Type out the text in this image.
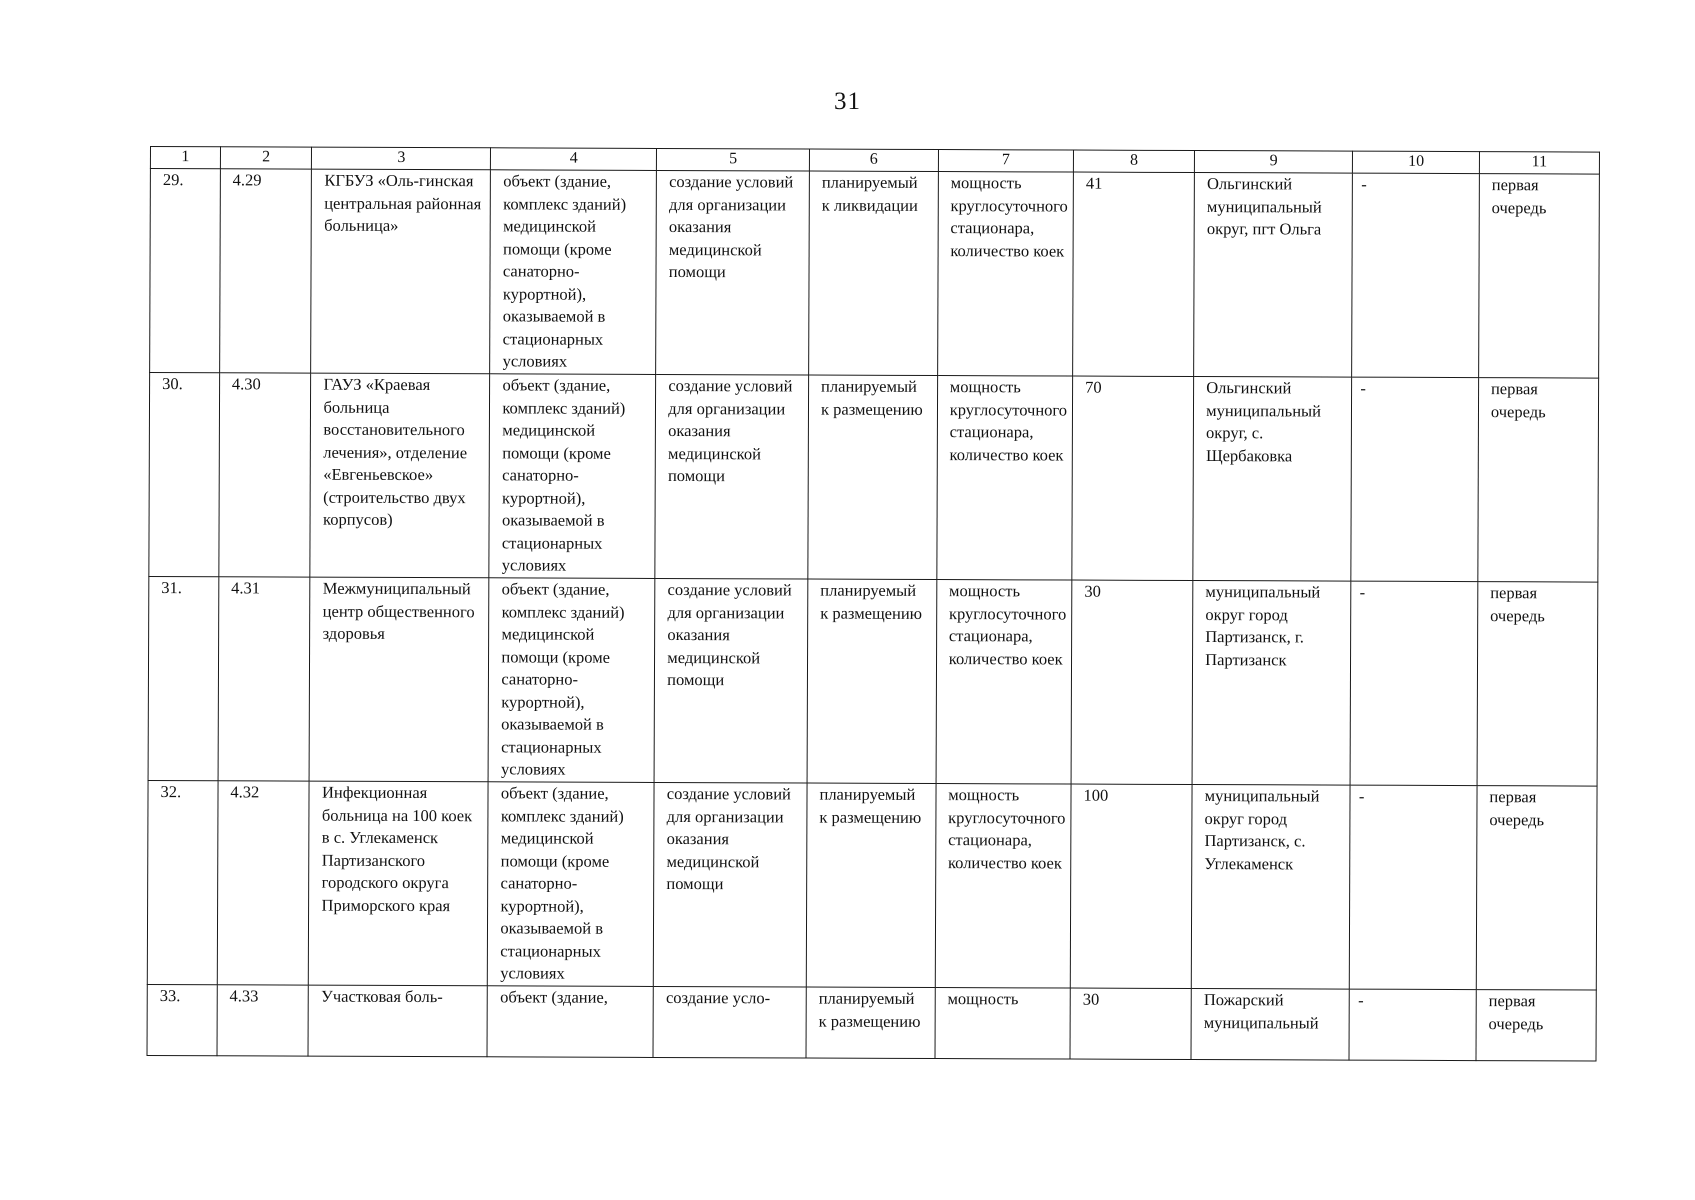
31
1	2	3	4	5	6	7	8	9	10	11
29.	4.29	КГБУЗ «Оль-гинская центральная районная больница»	объект (здание, комплекс зданий) медицинской помощи (кроме санаторно-курортной), оказываемой в стационарных условиях	создание условий для организации оказания медицинской помощи	планируемый к ликвидации	мощность круглосуточного стационара, количество коек	41	Ольгинский муниципальный округ, пгт Ольга	-	первая очередь
30.	4.30	ГАУЗ «Краевая больница восстановительного лечения», отделение «Евгеньевское» (строительство двух корпусов)	объект (здание, комплекс зданий) медицинской помощи (кроме санаторно-курортной), оказываемой в стационарных условиях	создание условий для организации оказания медицинской помощи	планируемый к размещению	мощность круглосуточного стационара, количество коек	70	Ольгинский муниципальный округ, с. Щербаковка	-	первая очередь
31.	4.31	Межмуниципальный центр общественного здоровья	объект (здание, комплекс зданий) медицинской помощи (кроме санаторно-курортной), оказываемой в стационарных условиях	создание условий для организации оказания медицинской помощи	планируемый к размещению	мощность круглосуточного стационара, количество коек	30	муниципальный округ город Партизанск, г. Партизанск	-	первая очередь
32.	4.32	Инфекционная больница на 100 коек в с. Углекаменск Партизанского городского округа Приморского края	объект (здание, комплекс зданий) медицинской помощи (кроме санаторно-курортной), оказываемой в стационарных условиях	создание условий для организации оказания медицинской помощи	планируемый к размещению	мощность круглосуточного стационара, количество коек	100	муниципальный округ город Партизанск, с. Углекаменск	-	первая очередь
33.	4.33	Участковая боль-	объект (здание,	создание усло-	планируемый к размещению	мощность	30	Пожарский муниципальный	-	первая очередь
